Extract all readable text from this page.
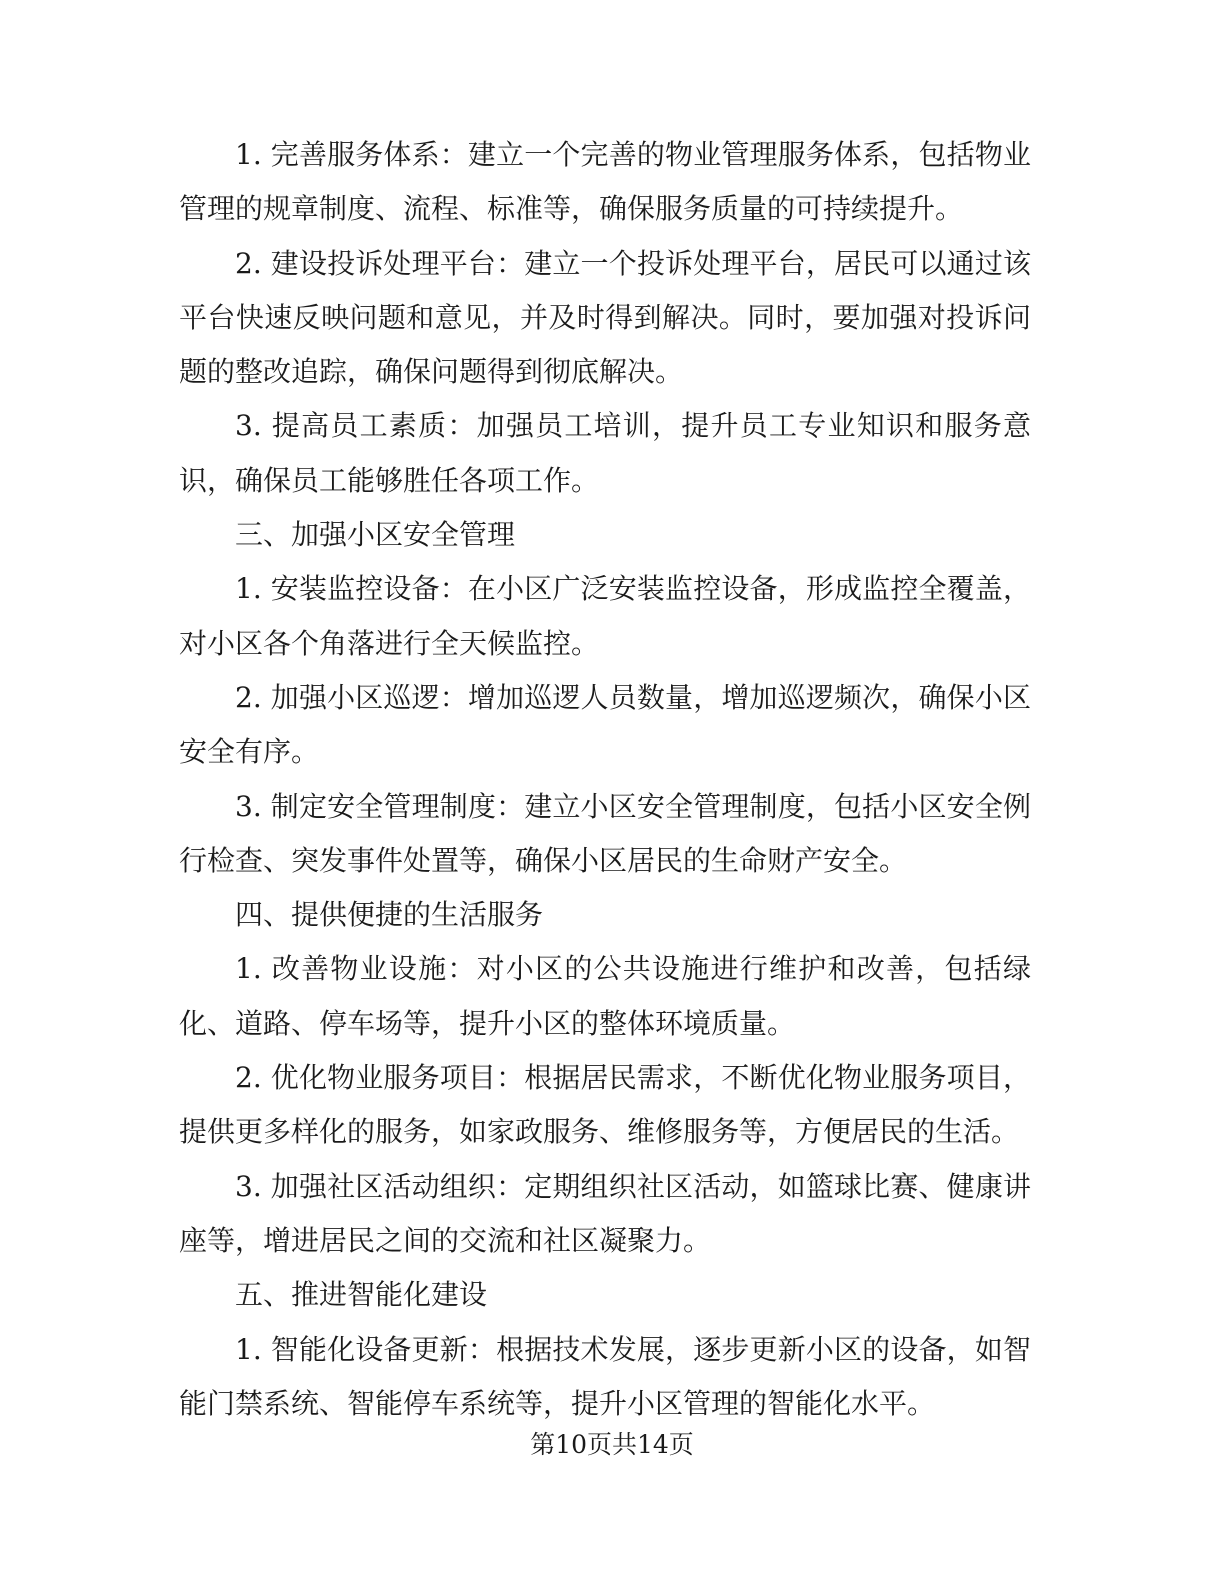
1. 完善服务体系：建立一个完善的物业管理服务体系，包括物业管理的规章制度、流程、标准等，确保服务质量的可持续提升。

2. 建设投诉处理平台：建立一个投诉处理平台，居民可以通过该平台快速反映问题和意见，并及时得到解决。同时，要加强对投诉问题的整改追踪，确保问题得到彻底解决。

3. 提高员工素质：加强员工培训，提升员工专业知识和服务意识，确保员工能够胜任各项工作。

三、加强小区安全管理

1. 安装监控设备：在小区广泛安装监控设备，形成监控全覆盖，对小区各个角落进行全天候监控。

2. 加强小区巡逻：增加巡逻人员数量，增加巡逻频次，确保小区安全有序。

3. 制定安全管理制度：建立小区安全管理制度，包括小区安全例行检查、突发事件处置等，确保小区居民的生命财产安全。

四、提供便捷的生活服务

1. 改善物业设施：对小区的公共设施进行维护和改善，包括绿化、道路、停车场等，提升小区的整体环境质量。

2. 优化物业服务项目：根据居民需求，不断优化物业服务项目，提供更多样化的服务，如家政服务、维修服务等，方便居民的生活。

3. 加强社区活动组织：定期组织社区活动，如篮球比赛、健康讲座等，增进居民之间的交流和社区凝聚力。

五、推进智能化建设

1. 智能化设备更新：根据技术发展，逐步更新小区的设备，如智能门禁系统、智能停车系统等，提升小区管理的智能化水平。

第10页共14页
